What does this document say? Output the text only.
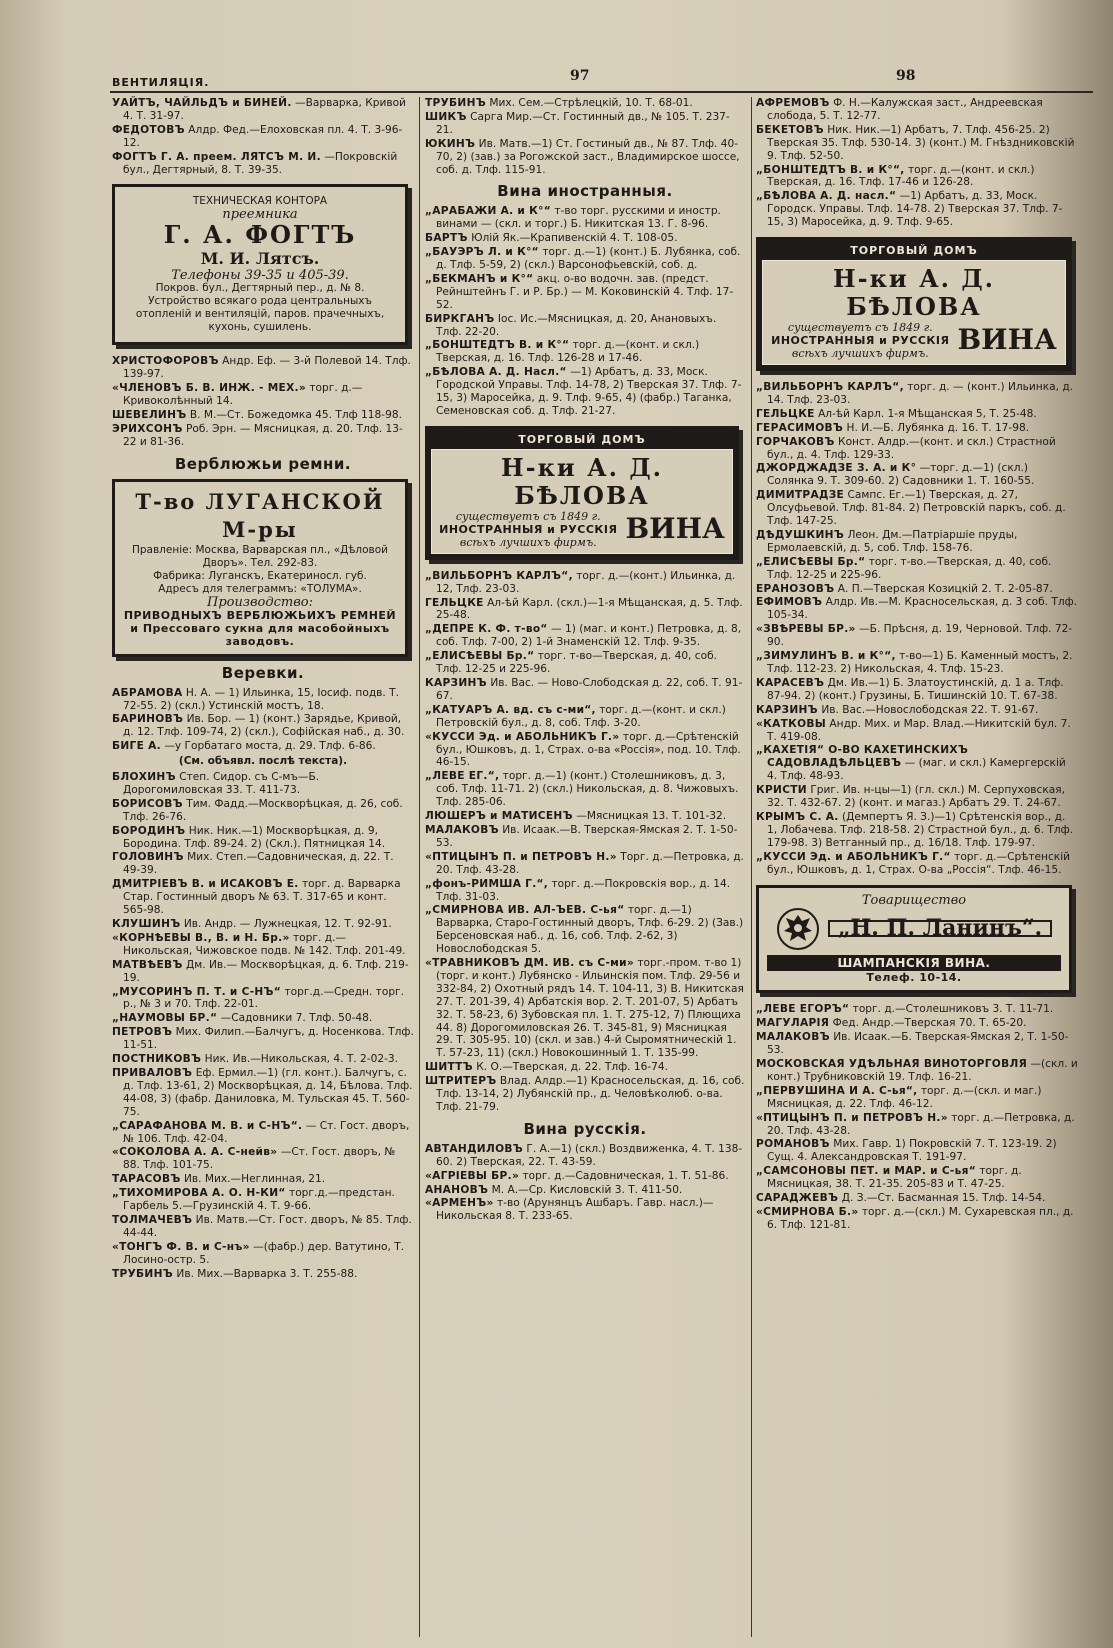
ВЕНТИЛЯЦIЯ.	97	98

УАЙТЪ, ЧАЙЛЬДЪ и БИНЕЙ. —Варварка, Кривой 4. Т. 31-97.

ФЕДОТОВЪ Алдр. Фед.—Елоховская пл. 4. Т. 3-96-12.

ФОГТЪ Г. А. преем. ЛЯТСЪ М. И. —Покровскiй бул., Дегтярный, 8. Т. 39-35.

ТЕХНИЧЕСКАЯ КОНТОРА
преемника
Г. А. ФОГТЪ
М. И. Лятсъ.
Телефоны 39-35 и 405-39.
Покров. бул., Дегтярный пер., д. № 8.
Устройство всякаго рода центральныхъ отопленiй и вентиляцiй, паров. прачечныхъ, кухонь, сушилень.

ХРИСТОФОРОВЪ Андр. Еф. — 3-й Полевой 14. Тлф. 139-97.

«ЧЛЕНОВЪ Б. В. ИНЖ. - МЕХ.» торг. д.—Кривоколѣнный 14.

ШЕВЕЛИНЪ В. М.—Ст. Божедомка 45. Тлф 118-98.

ЭРИХСОНЪ Роб. Эрн. — Мясницкая, д. 20. Тлф. 13-22 и 81-36.

Верблюжьи ремни.
Т-во ЛУГАНСКОЙ М-ры
Правленiе: Москва, Варварская пл., «Дѣловой Дворъ». Тел. 292-83.
Фабрика: Луганскъ, Екатериносл. губ.
Адресъ для телеграммъ: «ТОЛУМА».
Производство:
ПРИВОДНЫХЪ ВЕРБЛЮЖЬИХЪ РЕМНЕЙ и Прессоваго сукна для масобойныхъ заводовъ.
Веревки.

АБРАМОВА Н. А. — 1) Ильинка, 15, Iосиф. подв. Т. 72-55. 2) (скл.) Устинскiй мостъ, 18.

БАРИНОВЪ Ив. Бор. — 1) (конт.) Зарядье, Кривой, д. 12. Тлф. 109-74, 2) (скл.), Софiйская наб., д. 30.

БИГЕ А. —у Горбатаго моста, д. 29. Тлф. 6-86.

(См. объявл. послѣ текста).

БЛОХИНЪ Степ. Сидор. съ С-мъ—Б. Дорогомиловская 33. Т. 411-73.

БОРИСОВЪ Тим. Фадд.—Москворѣцкая, д. 26, соб. Тлф. 26-76.

БОРОДИНЪ Ник. Ник.—1) Москворѣцкая, д. 9, Бородина. Тлф. 89-24. 2) (Скл.). Пятницкая 14.

ГОЛОВИНЪ Мих. Степ.—Садовническая, д. 22. Т. 49-39.

ДМИТРIЕВЪ В. и ИСАКОВЪ Е. торг. д. Варварка Стар. Гостинный дворъ № 63. Т. 317-65 и конт. 565-98.

КЛУШИНЪ Ив. Андр. — Лужнецкая, 12. Т. 92-91.

«КОРНѢЕВЫ В., В. и Н. Бр.» торг. д.—Никольская, Чижовское подв. № 142. Тлф. 201-49.

МАТВѢЕВЪ Дм. Ив.— Москворѣцкая, д. 6. Тлф. 219-19.

„МУСОРИНЪ П. Т. и С-НЪ“ торг.д.—Средн. торг. р., № 3 и 70. Тлф. 22-01.

„НАУМОВЫ БР.“ —Садовники 7. Тлф. 50-48.

ПЕТРОВЪ Мих. Филип.—Балчугъ, д. Носенкова. Тлф. 11-51.

ПОСТНИКОВЪ Ник. Ив.—Никольская, 4. Т. 2-02-3.

ПРИВАЛОВЪ Еф. Ермил.—1) (гл. конт.). Балчугъ, с. д. Тлф. 13-61, 2) Москворѣцкая, д. 14, Бѣлова. Тлф. 44-08, 3) (фабр. Даниловка, М. Тульская 45. Т. 560-75.

„САРАФАНОВА М. В. и С-НЪ“. — Ст. Гост. дворъ, № 106. Тлф. 42-04.

«СОКОЛОВА А. А. С-нейв» —Ст. Гост. дворъ, № 88. Тлф. 101-75.

ТАРАСОВЪ Ив. Мих.—Неглинная, 21.

„ТИХОМИРОВА А. О. Н-КИ“ торг.д.—предстан. Гарбель 5.—Грузинскiй 4. Т. 9-66.

ТОЛМАЧЕВЪ Ив. Матв.—Ст. Гост. дворъ, № 85. Тлф. 44-44.

«ТОНГЪ Ф. В. и С-нъ» —(фабр.) дер. Ватутино, Т. Лосино-остр. 5.

ТРУБИНЪ Ив. Мих.—Варварка 3. Т. 255-88.

ТРУБИНЪ Мих. Сем.—Стрѣлецкiй, 10. Т. 68-01.

ШИКЪ Сарга Мир.—Ст. Гостинный дв., № 105. Т. 237-21.

ЮКИНЪ Ив. Матв.—1) Ст. Гостиный дв., № 87. Тлф. 40-70, 2) (зав.) за Рогожской заст., Владимирское шоссе, соб. д. Тлф. 115-91.

Вина иностранныя.

„АРАБАЖИ А. и К°“ т-во торг. русскими и иностр. винами — (скл. и торг.) Б. Никитская 13. Г. 8-96.

БАРТЪ Юлiй Як.—Крапивенскiй 4. Т. 108-05.

„БАУЭРЪ Л. и К°“ торг. д.—1) (конт.) Б. Лубянка, соб. д. Тлф. 5-59, 2) (скл.) Варсонофьевскiй, соб. д.

„БЕКМАНЪ и К°“ акц. о-во водочн. зав. (предст. Рейнштейнъ Г. и Р. Бр.) — М. Коковинскiй 4. Тлф. 17-52.

БИРКГАНЪ Iос. Ис.—Мясницкая, д. 20, Анановыхъ. Тлф. 22-20.

„БОНШТЕДТЪ В. и К°“ торг. д.—(конт. и скл.) Тверская, д. 16. Тлф. 126-28 и 17-46.

„БѢЛОВА А. Д. Насл.“ —1) Арбатъ, д. 33, Моск. Городской Управы. Тлф. 14-78, 2) Тверская 37. Тлф. 7-15, 3) Маросейка, д. 9. Тлф. 9-65, 4) (фабр.) Таганка, Семеновская соб. д. Тлф. 21-27.

ТОРГОВЫЙ ДОМЪ
Н-ки А. Д. БѢЛОВА
существуетъ съ 1849 г.
ИНОСТРАННЫЯ и РУССКIЯ
всѣхъ лучшихъ фирмъ.	ВИНА

„ВИЛЬБОРНЪ КАРЛЪ“, торг. д.—(конт.) Ильинка, д. 12, Тлф. 23-03.

ГЕЛЬЦКЕ Ал-ѣй Карл. (скл.)—1-я Мѣщанская, д. 5. Тлф. 25-48.

„ДЕПРЕ К. Ф. т-во“ — 1) (маг. и конт.) Петровка, д. 8, соб. Тлф. 7-00, 2) 1-й Знаменскiй 12. Тлф. 9-35.

„ЕЛИСѢЕВЫ Бр.“ торг. т-во—Тверская, д. 40, соб. Тлф. 12-25 и 225-96.

КАРЗИНЪ Ив. Вас. — Ново-Слободская д. 22, соб. Т. 91-67.

„КАТУАРЪ А. вд. съ с-ми“, торг. д.—(конт. и скл.) Петровскiй бул., д. 8, соб. Тлф. 3-20.

«КУССИ Эд. и АБОЛЬНИКЪ Г.» торг. д.—Срѣтенскiй бул., Юшковъ, д. 1, Страх. о-ва «Россiя», под. 10. Тлф. 46-15.

„ЛЕВЕ ЕГ.“, торг. д.—1) (конт.) Столешниковъ, д. 3, соб. Тлф. 11-71. 2) (скл.) Никольская, д. 8. Чижовыхъ. Тлф. 285-06.

ЛЮШЕРЪ и МАТИСЕНЪ —Мясницкая 13. Т. 101-32.

МАЛАКОВЪ Ив. Исаак.—В. Тверская-Ямская 2. Т. 1-50-53.

«ПТИЦЫНЪ П. и ПЕТРОВЪ Н.» Торг. д.—Петровка, д. 20. Тлф. 43-28.

„фонъ-РИМША Г.“, торг. д.—Покровскiя вор., д. 14. Тлф. 31-03.

„СМИРНОВА ИВ. АЛ-ЪЕВ. С-ья“ торг. д.—1) Варварка, Старо-Гостинный дворъ, Тлф. 6-29. 2) (Зав.) Берсеновская наб., д. 16, соб. Тлф. 2-62, 3) Новослободская 5.

«ТРАВНИКОВЪ ДМ. ИВ. съ С-ми» торг.-пром. т-во 1) (торг. и конт.) Лубянско - Ильинскiя пом. Тлф. 29-56 и 332-84, 2) Охотный рядъ 14. Т. 104-11, 3) В. Никитская 27. Т. 201-39, 4) Арбатскiя вор. 2. Т. 201-07, 5) Арбатъ 32. Т. 58-23, 6) Зубовская пл. 1. Т. 275-12, 7) Плющиха 44. 8) Дорогомиловская 26. Т. 345-81, 9) Мясницкая 29. Т. 305-95. 10) (скл. и зав.) 4-й Сыромятническiй 1. Т. 57-23, 11) (скл.) Новокошинный 1. Т. 135-99.

ШИТТЪ К. О.—Тверская, д. 22. Тлф. 16-74.

ШТРИТЕРЪ Влад. Алдр.—1) Красносельская, д. 16, соб. Тлф. 13-14, 2) Лубянскiй пр., д. Человѣколюб. о-ва. Тлф. 21-79.

Вина русскiя.

АВТАНДИЛОВЪ Г. А.—1) (скл.) Воздвиженка, 4. Т. 138-60. 2) Тверская, 22. Т. 43-59.

«АГРIЕВЫ БР.» торг. д.—Садовническая, 1. Т. 51-86.

АНАНОВЪ М. А.—Ср. Кисловскiй 3. Т. 411-50.

«АРМЕНЪ» т-во (Арунянцъ Ашбаръ. Гавр. насл.)—Никольская 8. Т. 233-65.

АФРЕМОВЪ Ф. Н.—Калужская заст., Андреевская слобода, 5. Т. 12-77.

БЕКЕТОВЪ Ник. Ник.—1) Арбатъ, 7. Тлф. 456-25. 2) Тверская 35. Тлф. 530-14. 3) (конт.) М. Гнѣздниковскiй 9. Тлф. 52-50.

„БОНШТЕДТЪ В. и К°“, торг. д.—(конт. и скл.) Тверская, д. 16. Тлф. 17-46 и 126-28.

„БѢЛОВА А. Д. насл.“ —1) Арбатъ, д. 33, Моск. Городск. Управы. Тлф. 14-78. 2) Тверская 37. Тлф. 7-15, 3) Маросейка, д. 9. Тлф. 9-65.

ТОРГОВЫЙ ДОМЪ
Н-ки А. Д. БѢЛОВА
существуетъ съ 1849 г.
ИНОСТРАННЫЯ и РУССКIЯ
всѣхъ лучшихъ фирмъ.	ВИНА

„ВИЛЬБОРНЪ КАРЛЪ“, торг. д. — (конт.) Ильинка, д. 14. Тлф. 23-03.

ГЕЛЬЦКЕ Ал-ѣй Карл. 1-я Мѣщанская 5, Т. 25-48.

ГЕРАСИМОВЪ Н. И.—Б. Лубянка д. 16. Т. 17-98.

ГОРЧАКОВЪ Конст. Алдр.—(конт. и скл.) Страстной бул., д. 4. Тлф. 129-33.

ДЖОРДЖАДЗЕ З. А. и К° —торг. д.—1) (скл.) Солянка 9. Т. 309-60. 2) Садовники 1. Т. 160-55.

ДИМИТРАДЗЕ Сампс. Ег.—1) Тверская, д. 27, Олсуфьевой. Тлф. 81-84. 2) Петровскiй паркъ, соб. д. Тлф. 147-25.

ДѢДУШКИНЪ Леон. Дм.—Патрiаршiе пруды, Ермолаевскiй, д. 5, соб. Тлф. 158-76.

„ЕЛИСѢЕВЫ Бр.“ торг. т-во.—Тверская, д. 40, соб. Тлф. 12-25 и 225-96.

ЕРАНОЗОВЪ А. П.—Тверская Козицкiй 2. Т. 2-05-87.

ЕФИМОВЪ Алдр. Ив.—М. Красносельская, д. 3 соб. Тлф. 105-34.

«ЗВѢРЕВЫ БР.» —Б. Прѣсня, д. 19, Черновой. Тлф. 72-90.

„ЗИМУЛИНЪ В. и К°“, т-во—1) Б. Каменный мостъ, 2. Тлф. 112-23. 2) Никольская, 4. Тлф. 15-23.

КАРАСЕВЪ Дм. Ив.—1) Б. Златоустинскiй, д. 1 а. Тлф. 87-94. 2) (конт.) Грузины, Б. Тишинскiй 10. Т. 67-38.

КАРЗИНЪ Ив. Вас.—Новослободская 22. Т. 91-67.

«КАТКОВЫ Андр. Мих. и Мар. Влад.—Никитскiй бул. 7. Т. 419-08.

„КАХЕТIЯ“ О-ВО КАХЕТИНСКИХЪ САДОВЛАДѢЛЬЦЕВЪ — (маг. и скл.) Камергерскiй 4. Тлф. 48-93.

КРИСТИ Григ. Ив. н-цы—1) (гл. скл.) М. Серпуховская, 32. Т. 432-67. 2) (конт. и магаз.) Арбатъ 29. Т. 24-67.

КРЫМЪ С. А. (Демпертъ Я. З.)—1) Срѣтенскiя вор., д. 1, Лобачева. Тлф. 218-58. 2) Страстной бул., д. 6. Тлф. 179-98. 3) Ветганный пр., д. 16/18. Тлф. 179-97.

„КУССИ Эд. и АБОЛЬНИКЪ Г.“ торг. д.—Срѣтенскiй бул., Юшковъ, д. 1, Страх. О-ва „Россiя“. Тлф. 46-15.

Товарищество
„Н. П. Ланинъ“.
ШАМПАНСКIЯ ВИНА.
Телеф. 10-14.

„ЛЕВЕ ЕГОРЪ“ торг. д.—Столешниковъ 3. Т. 11-71.

МАГУЛАРIЯ Фед. Андр.—Тверская 70. Т. 65-20.

МАЛАКОВЪ Ив. Исаак.—Б. Тверская-Ямская 2, Т. 1-50-53.

МОСКОВСКАЯ УДѢЛЬНАЯ ВИНОТОРГОВЛЯ —(скл. и конт.) Трубниковскiй 19. Тлф. 16-21.

„ПЕРВУШИНА И А. С-ья“, торг. д.—(скл. и маг.) Мясницкая, д. 22. Тлф. 46-12.

«ПТИЦЫНЪ П. и ПЕТРОВЪ Н.» торг. д.—Петровка, д. 20. Тлф. 43-28.

РОМАНОВЪ Мих. Гавр. 1) Покровскiй 7. Т. 123-19. 2) Сущ. 4. Александровская Т. 191-97.

„САМСОНОВЫ ПЕТ. и МАР. и С-ья“ торг. д. Мясницкая, 38. Т. 21-35. 205-83 и Т. 47-25.

САРАДЖЕВЪ Д. З.—Ст. Басманная 15. Тлф. 14-54.

«СМИРНОВА Б.» торг. д.—(скл.) М. Сухаревская пл., д. 6. Тлф. 121-81.
